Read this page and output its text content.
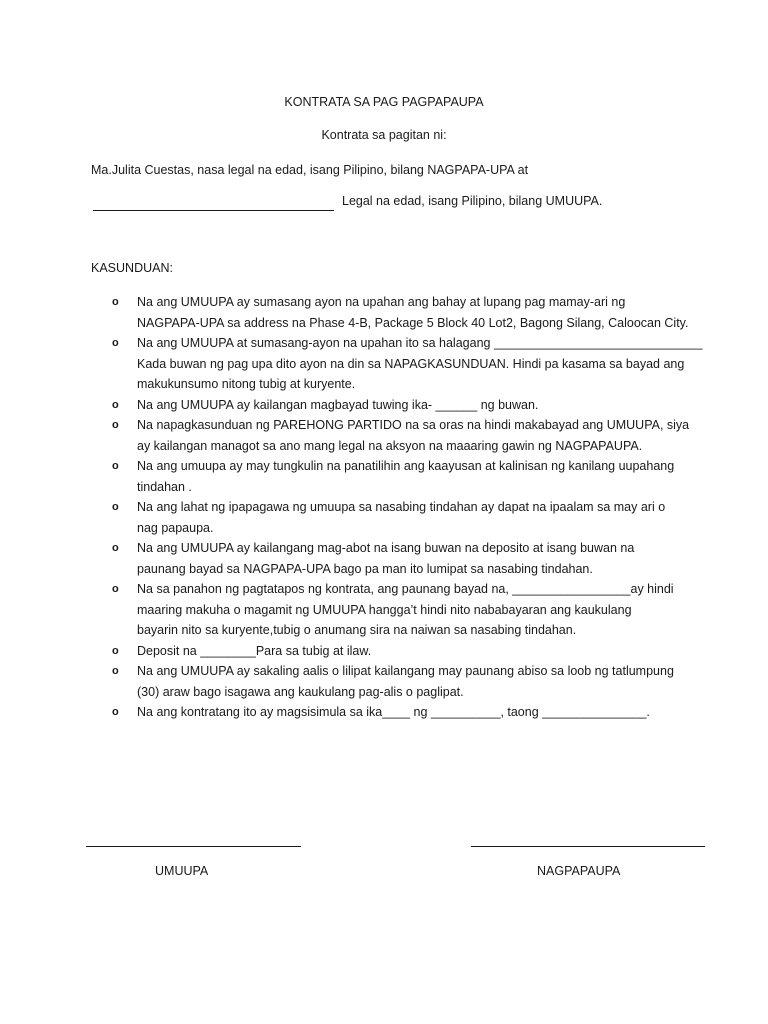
KONTRATA SA PAG PAGPAPAUPA
Kontrata sa pagitan ni:
Ma.Julita Cuestas, nasa legal na edad, isang Pilipino, bilang NAGPAPA-UPA at
Legal na edad, isang Pilipino, bilang UMUUPA.
KASUNDUAN:
o Na ang UMUUPA ay sumasang ayon na upahan ang bahay at lupang pag mamay-ari ng
NAGPAPA-UPA sa address na Phase 4-B, Package 5 Block 40 Lot2, Bagong Silang, Caloocan City.
o Na ang UMUUPA at sumasang-ayon na upahan ito sa halagang ______________________________
Kada buwan ng pag upa dito ayon na din sa NAPAGKASUNDUAN. Hindi pa kasama sa bayad ang
makukunsumo nitong tubig at kuryente.
o Na ang UMUUPA ay kailangan magbayad tuwing ika- ______ ng buwan.
o Na napagkasunduan ng PAREHONG PARTIDO na sa oras na hindi makabayad ang UMUUPA, siya
ay kailangan managot sa ano mang legal na aksyon na maaaring gawin ng NAGPAPAUPA.
o Na ang umuupa ay may tungkulin na panatilihin ang kaayusan at kalinisan ng kanilang uupahang
tindahan .
o Na ang lahat ng ipapagawa ng umuupa sa nasabing tindahan ay dapat na ipaalam sa may ari o
nag papaupa.
o Na ang UMUUPA ay kailangang mag-abot na isang buwan na deposito at isang buwan na
paunang bayad sa NAGPAPA-UPA bago pa man ito lumipat sa nasabing tindahan.
o Na sa panahon ng pagtatapos ng kontrata, ang paunang bayad na, _________________ay hindi
maaring makuha o magamit ng UMUUPA hangga’t hindi nito nababayaran ang kaukulang
bayarin nito sa kuryente,tubig o anumang sira na naiwan sa nasabing tindahan.
o Deposit na ________Para sa tubig at ilaw.
o Na ang UMUUPA ay sakaling aalis o lilipat kailangang may paunang abiso sa loob ng tatlumpung
(30) araw bago isagawa ang kaukulang pag-alis o paglipat.
o Na ang kontratang ito ay magsisimula sa ika____ ng __________, taong _______________.
UMUUPA	NAGPAPAUPA
